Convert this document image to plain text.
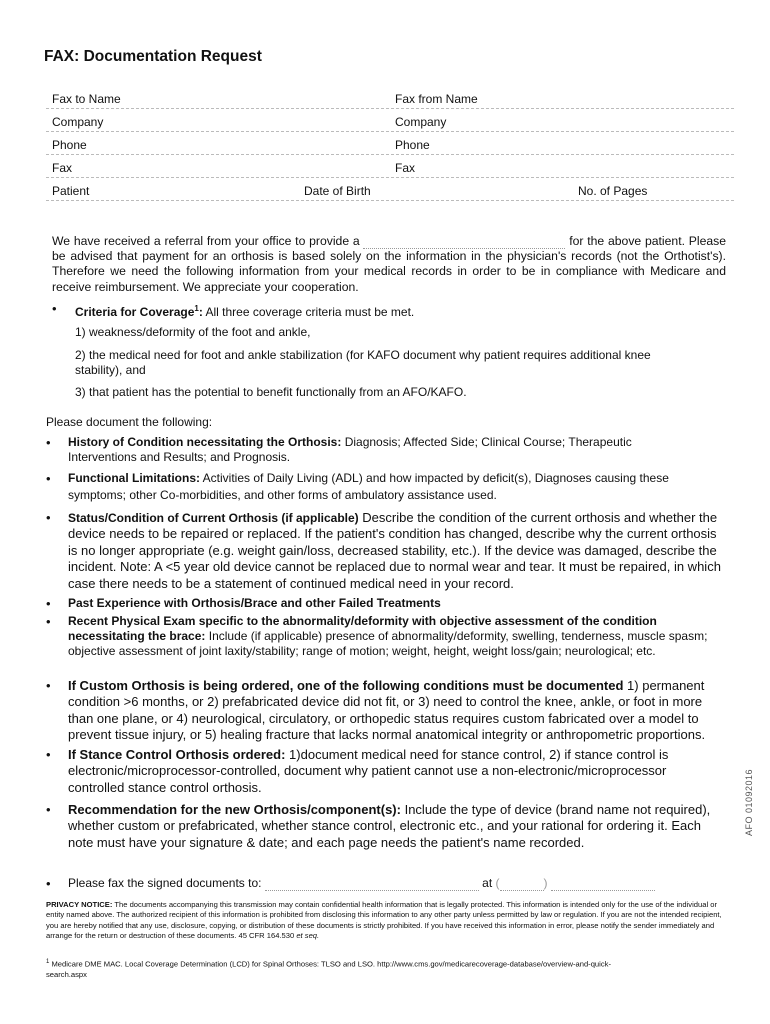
FAX: Documentation Request
Fax to Name	Fax from Name
Company	Company
Phone	Phone
Fax	Fax
Patient	Date of Birth	No. of Pages
We have received a referral from your office to provide a	for the above patient. Please be advised that payment for an orthosis is based solely on the information in the physician's records (not the Orthotist's). Therefore we need the following information from your medical records in order to be in compliance with Medicare and receive reimbursement. We appreciate your cooperation.
• Criteria for Coverage$^1$: All three coverage criteria must be met.
1) weakness/deformity of the foot and ankle,
2) the medical need for foot and ankle stabilization (for KAFO document why patient requires additional knee stability), and
3) that patient has the potential to benefit functionally from an AFO/KAFO.
Please document the following:
• History of Condition necessitating the Orthosis: Diagnosis; Affected Side; Clinical Course; Therapeutic Interventions and Results; and Prognosis.
• Functional Limitations: Activities of Daily Living (ADL) and how impacted by deficit(s), Diagnoses causing these symptoms; other Co-morbidities, and other forms of ambulatory assistance used.
• Status/Condition of Current Orthosis (if applicable) Describe the condition of the current orthosis and whether the device needs to be repaired or replaced. If the patient's condition has changed, describe why the current orthosis is no longer appropriate (e.g. weight gain/loss, decreased stability, etc.). If the device was damaged, describe the incident. Note: A <5 year old device cannot be replaced due to normal wear and tear. It must be repaired, in which case there needs to be a statement of continued medical need in your record.
• Past Experience with Orthosis/Brace and other Failed Treatments
• Recent Physical Exam specific to the abnormality/deformity with objective assessment of the condition necessitating the brace: Include (if applicable) presence of abnormality/deformity, swelling, tenderness, muscle spasm; objective assessment of joint laxity/stability; range of motion; weight, height, weight loss/gain; neurological; etc.
• If Custom Orthosis is being ordered, one of the following conditions must be documented 1) permanent condition >6 months, or 2) prefabricated device did not fit, or 3) need to control the knee, ankle, or foot in more than one plane, or 4) neurological, circulatory, or orthopedic status requires custom fabricated over a model to prevent tissue injury, or 5) healing fracture that lacks normal anatomical integrity or anthropometric proportions.
• If Stance Control Orthosis ordered: 1)document medical need for stance control, 2) if stance control is electronic/microprocessor-controlled, document why patient cannot use a non-electronic/microprocessor controlled stance control orthosis.
• Recommendation for the new Orthosis/component(s): Include the type of device (brand name not required), whether custom or prefabricated, whether stance control, electronic etc., and your rational for ordering it. Each note must have your signature & date; and each page needs the patient's name recorded.
• Please fax the signed documents to:	at (	)
PRIVACY NOTICE: The documents accompanying this transmission may contain confidential health information that is legally protected. This information is intended only for the use of the individual or entity named above. The authorized recipient of this information is prohibited from disclosing this information to any other party unless permitted by law or regulation. If you are not the intended recipient, you are hereby notified that any use, disclosure, copying, or distribution of these documents is strictly prohibited. If you have received this information in error, please notify the sender immediately and arrange for the return or destruction of these documents. 45 CFR 164.530 et seq.
$^1$ Medicare DME MAC. Local Coverage Determination (LCD) for Spinal Orthoses: TLSO and LSO. http://www.cms.gov/medicarecoverage-database/overview-and-quick-search.aspx
AFO 01092016
